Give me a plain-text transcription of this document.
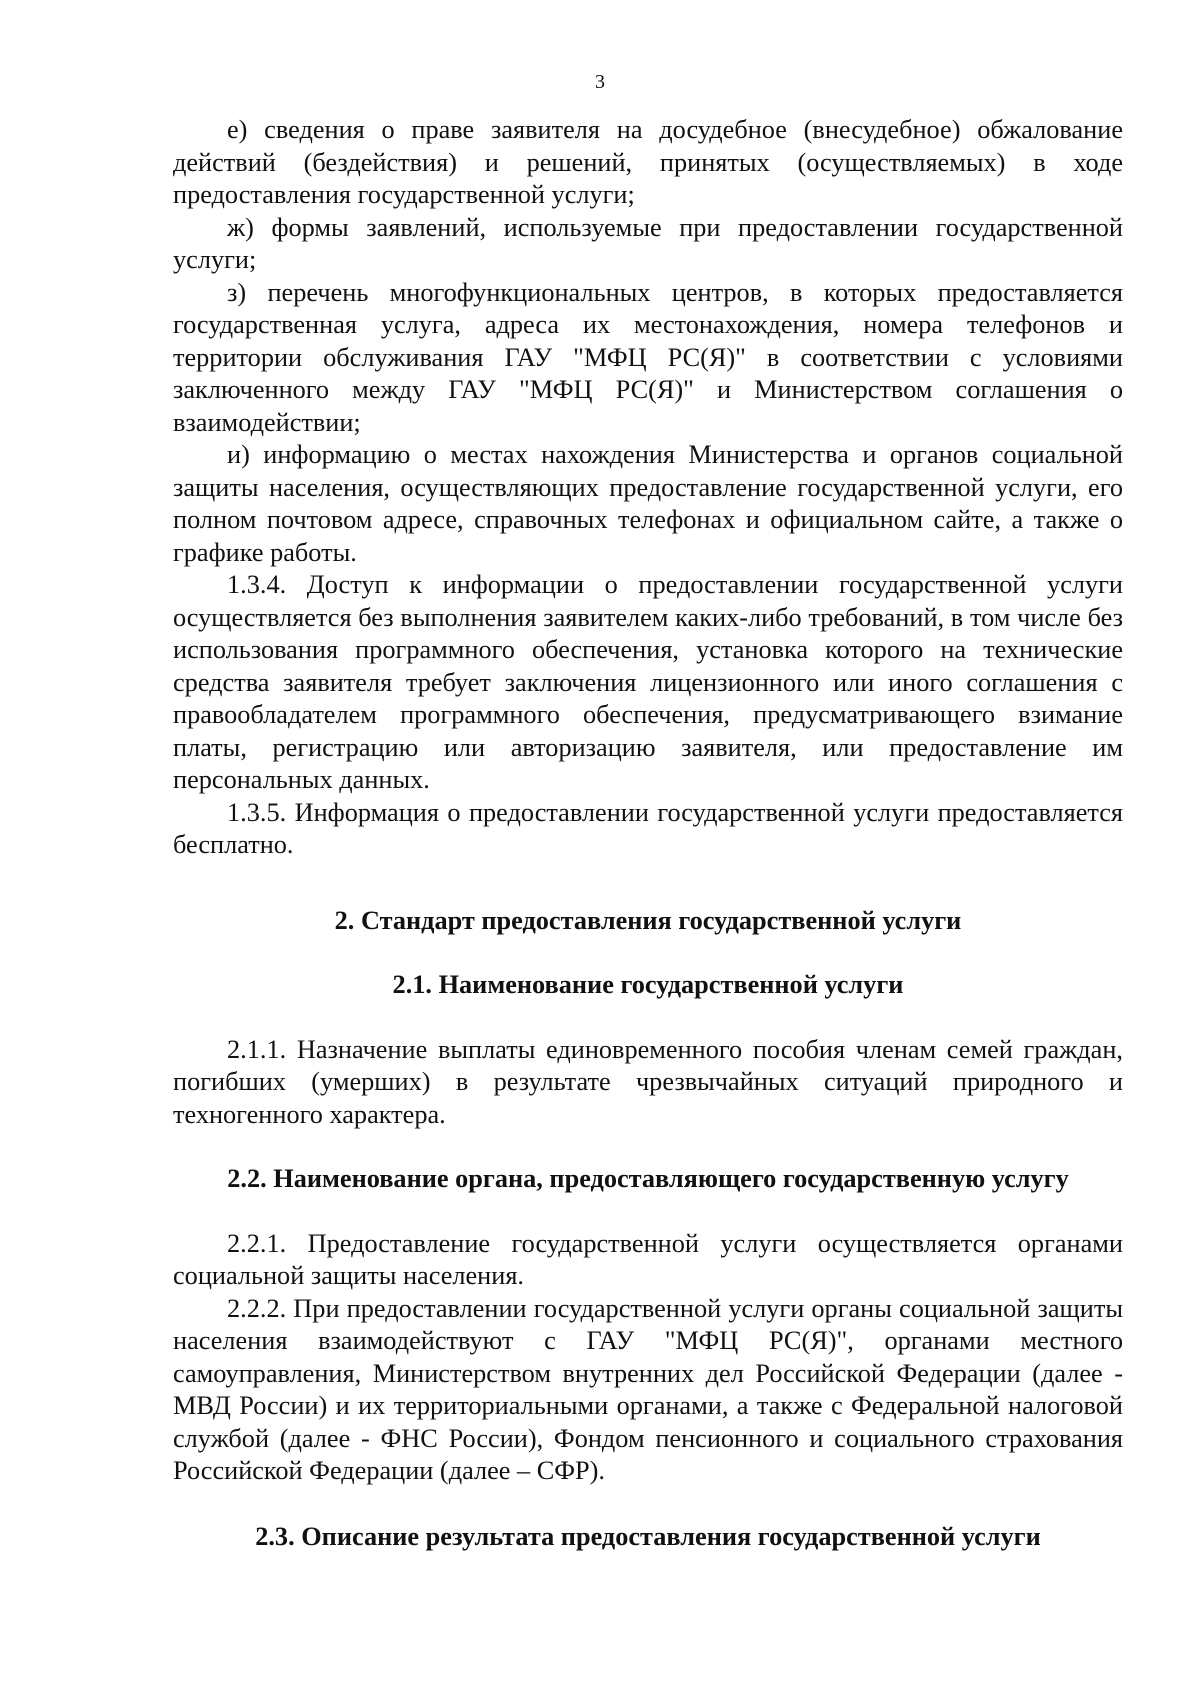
3

е) сведения о праве заявителя на досудебное (внесудебное) обжалование действий (бездействия) и решений, принятых (осуществляемых) в ходе предоставления государственной услуги;

ж) формы заявлений, используемые при предоставлении государственной услуги;

з) перечень многофункциональных центров, в которых предоставляется государственная услуга, адреса их местонахождения, номера телефонов и территории обслуживания ГАУ "МФЦ РС(Я)" в соответствии с условиями заключенного между ГАУ "МФЦ РС(Я)" и Министерством соглашения о взаимодействии;

и) информацию о местах нахождения Министерства и органов социальной защиты населения, осуществляющих предоставление государственной услуги, его полном почтовом адресе, справочных телефонах и официальном сайте, а также о графике работы.

1.3.4. Доступ к информации о предоставлении государственной услуги осуществляется без выполнения заявителем каких-либо требований, в том числе без использования программного обеспечения, установка которого на технические средства заявителя требует заключения лицензионного или иного соглашения с правообладателем программного обеспечения, предусматривающего взимание платы, регистрацию или авторизацию заявителя, или предоставление им персональных данных.

1.3.5. Информация о предоставлении государственной услуги предоставляется бесплатно.

2. Стандарт предоставления государственной услуги
2.1. Наименование государственной услуги

2.1.1. Назначение выплаты единовременного пособия членам семей граждан, погибших (умерших) в результате чрезвычайных ситуаций природного и техногенного характера.

2.2. Наименование органа, предоставляющего государственную услугу

2.2.1. Предоставление государственной услуги осуществляется органами социальной защиты населения.

2.2.2. При предоставлении государственной услуги органы социальной защиты населения взаимодействуют с ГАУ "МФЦ РС(Я)", органами местного самоуправления, Министерством внутренних дел Российской Федерации (далее - МВД России) и их территориальными органами, а также с Федеральной налоговой службой (далее - ФНС России), Фондом пенсионного и социального страхования Российской Федерации (далее – СФР).

2.3. Описание результата предоставления государственной услуги
